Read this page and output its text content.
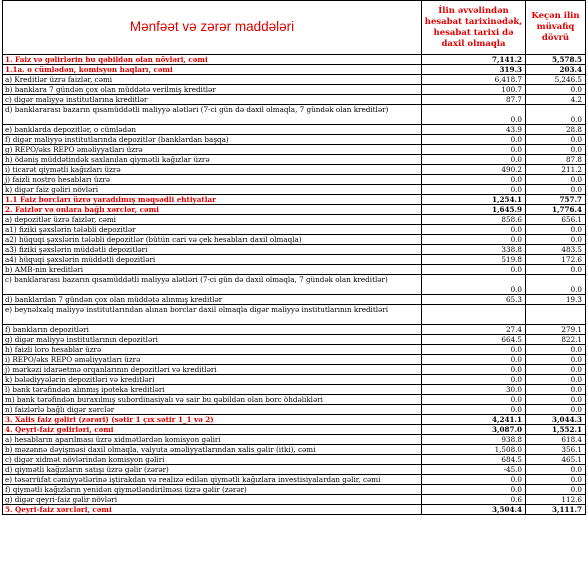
Mənfəət və zərər maddələri	İlin əvvəlindən hesabat tarixinədək, hesabat tarixi də daxil olmaqla	Keçən ilin müvafiq dövrü
1. Faiz və gəlirlərin bu qəbildən olan növləri, cəmi	7,141.2	5,578.5
1.1a. o cümlədən, komisyon haqları, cəmi	319.3	203.4
a) Kreditlər üzrə faizlər, cəmi	6,418.7	5,246.5
b) banklara 7 gündən çox olan müddətə verilmiş kreditlər	100.7	0.0
c) digər maliyyə institutlarına kreditlər	87.7	4.2
d) banklararası bazarın qısamüddətli maliyyə alətləri (7-ci gün də daxil olmaqla, 7 gündək olan kreditlər)	0.0	0.0
e) banklarda depozitlər, o cümlədən	43.9	28.8
f) digər maliyyə institutlarında depozitlər (banklardan başqa)	0.0	0.0
g) REPO/əks REPO əməliyyatları üzrə	0.0	0.0
h) ödəniş müddətindək saxlanılan qiymətli kağızlar üzrə	0.0	87.8
i) ticarət qiymətli kağızları üzrə	490.2	211.2
j) faizli nostro hesabları üzrə	0.0	0.0
k) digər faiz gəliri növləri	0.0	0.0
1.1 Faiz borcları üzrə yaradılmış məqsədli ehtiyatlar	1,254.1	757.7
2. Faizlər və onlara bağlı xərclər, cəmi	1,645.9	1,776.4
a) depozitlər üzrə faizlər, cəmi	858.6	656.1
a1) fiziki şəxslərin tələbli depozitlər	0.0	0.0
a2) hüquqi şəxslərin tələbli depozitlər (bütün cari və çek hesabları daxil olmaqla)	0.0	0.0
a3) fiziki şəxslərin müddətli depozitləri	338.8	483.5
a4) hüquqi şəxslərin müddətli depozitləri	519.8	172.6
b) AMB-nin kreditləri	0.0	0.0
c) banklararası bazarın qısamüddətli maliyyə alətləri (7-ci gün də daxil olmaqla, 7 gündək olan kreditlər)	0.0	0.0
d) banklardan 7 gündən çox olan müddətə alınmış kreditlər	65.3	19.3
e) beynəlxalq maliyyə institutlarından alınan borclar daxil olmaqla digər maliyyə institutlarının kreditləri		
f) bankların depozitləri	27.4	279.1
g) digər maliyyə institutlarının depozitləri	664.5	822.1
h) faizli loro hesablar üzrə	0.0	0.0
i) REPO/əks REPO əməliyyatları üzrə	0.0	0.0
j) mərkəzi idarəetmə orqanlarının depozitləri və kreditləri	0.0	0.0
k) bələdiyyələrin depozitləri və kreditləri	0.0	0.0
l) bank tərəfindən alınmış ipoteka kreditləri	30.0	0.0
m) bank tərəfindən buraxılmış subordinasiyalı və sair bu qəbildən olan borc öhdəlikləri	0.0	0.0
n) faizlərlə bağlı digər xərclər	0.0	0.0
3. Xalis faiz gəliri (zərəri) (sətir 1 çıx sətir 1_1 və 2)	4,241.1	3,044.3
4. Qeyri-faiz gəlirləri, cəmi	3,087.0	1,552.1
a) hesabların aparılması üzrə xidmətlərdən komisyon gəliri	938.8	618.4
b) məzənnə dəyişməsi daxil olmaqla, valyuta əməliyyatlarından xalis gəlir (itki), cəmi	1,508.0	356.1
c) digər xidmət növlərindən komisyon gəliri	684.5	465.1
d) qiymətli kağızların satışı üzrə gəlir (zərər)	-45.0	0.0
e) təsərrüfat cəmiyyətlərinə iştirakdan və realizə edilən qiymətli kağızlara investisiyalardan gəlir, cəmi	0.0	0.0
f) qiymətli kağızların yenidən qiymətləndirilməsi üzrə gəlir (zərər)	0.0	0.0
g) digər qeyri-faiz gəlir növləri	0.6	112.6
5. Qeyri-faiz xərcləri, cəmi	3,504.4	3,111.7
